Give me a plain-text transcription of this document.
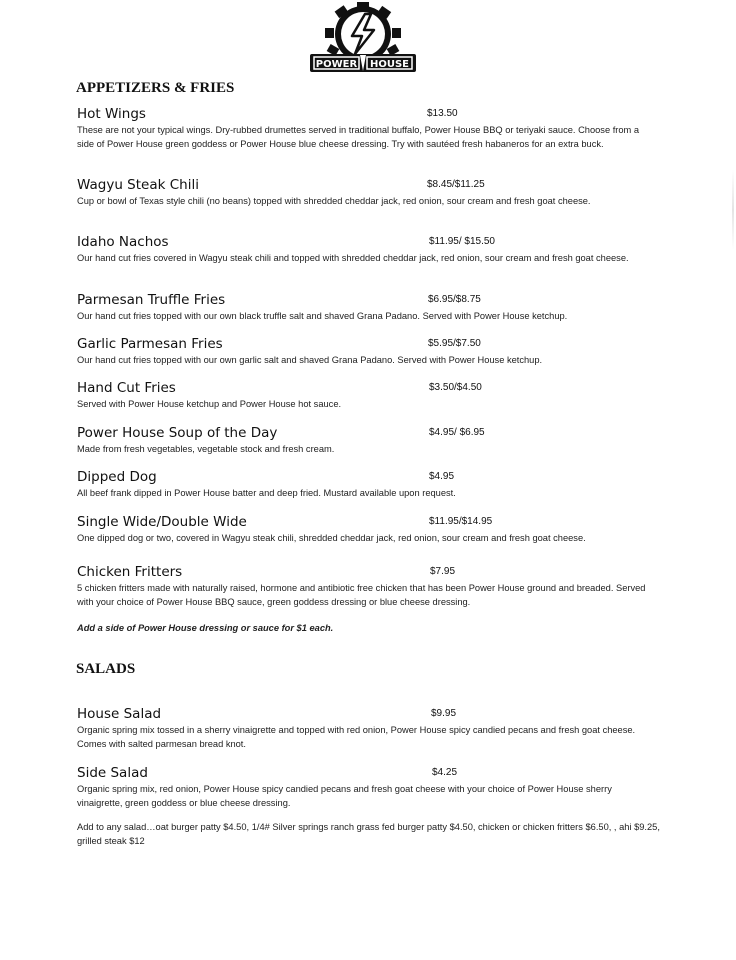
POWER HOUSE
APPETIZERS & FRIES
Hot Wings	$13.50
These are not your typical wings. Dry-rubbed drumettes served in traditional buffalo, Power House BBQ or teriyaki sauce. Choose from a side of Power House green goddess or Power House blue cheese dressing. Try with sautéed fresh habaneros for an extra buck.
Wagyu Steak Chili	$8.45/$11.25
Cup or bowl of Texas style chili (no beans) topped with shredded cheddar jack, red onion, sour cream and fresh goat cheese.
Idaho Nachos	$11.95/ $15.50
Our hand cut fries covered in Wagyu steak chili and topped with shredded cheddar jack, red onion, sour cream and fresh goat cheese.
Parmesan Truffle Fries	$6.95/$8.75
Our hand cut fries topped with our own black truffle salt and shaved Grana Padano. Served with Power House ketchup.
Garlic Parmesan Fries	$5.95/$7.50
Our hand cut fries topped with our own garlic salt and shaved Grana Padano. Served with Power House ketchup.
Hand Cut Fries	$3.50/$4.50
Served with Power House ketchup and Power House hot sauce.
Power House Soup of the Day	$4.95/ $6.95
Made from fresh vegetables, vegetable stock and fresh cream.
Dipped Dog	$4.95
All beef frank dipped in Power House batter and deep fried. Mustard available upon request.
Single Wide/Double Wide	$11.95/$14.95
One dipped dog or two, covered in Wagyu steak chili, shredded cheddar jack, red onion, sour cream and fresh goat cheese.
Chicken Fritters	$7.95
5 chicken fritters made with naturally raised, hormone and antibiotic free chicken that has been Power House ground and breaded. Served with your choice of Power House BBQ sauce, green goddess dressing or blue cheese dressing.
Add a side of Power House dressing or sauce for $1 each.
SALADS
House Salad	$9.95
Organic spring mix tossed in a sherry vinaigrette and topped with red onion, Power House spicy candied pecans and fresh goat cheese. Comes with salted parmesan bread knot.
Side Salad	$4.25
Organic spring mix, red onion, Power House spicy candied pecans and fresh goat cheese with your choice of Power House sherry vinaigrette, green goddess or blue cheese dressing.
Add to any salad…oat burger patty $4.50, 1/4# Silver springs ranch grass fed burger patty $4.50, chicken or chicken fritters $6.50, , ahi $9.25, grilled steak $12
